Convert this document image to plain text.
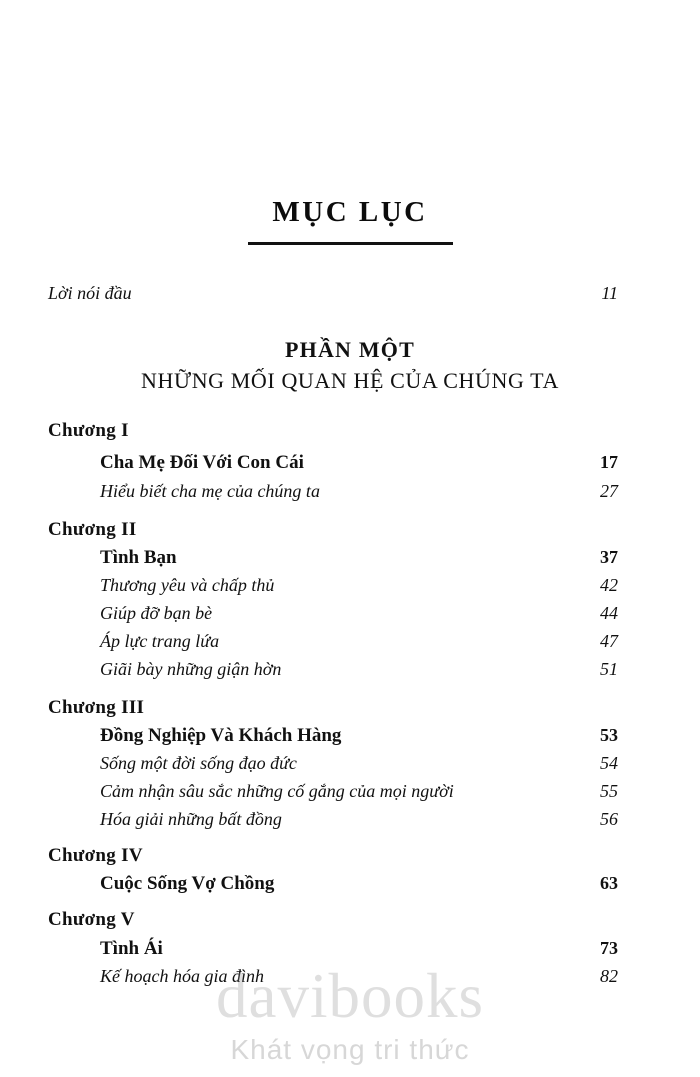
MỤC LỤC
Lời nói đầu	11
PHẦN MỘT
NHỮNG MỐI QUAN HỆ CỦA CHÚNG TA
Chương I
Cha Mẹ Đối Với Con Cái	17
Hiểu biết cha mẹ của chúng ta	27
Chương II
Tình Bạn	37
Thương yêu và chấp thủ	42
Giúp đỡ bạn bè	44
Áp lực trang lứa	47
Giãi bày những giận hờn	51
Chương III
Đồng Nghiệp Và Khách Hàng	53
Sống một đời sống đạo đức	54
Cảm nhận sâu sắc những cố gắng của mọi người	55
Hóa giải những bất đồng	56
Chương IV
Cuộc Sống Vợ Chồng	63
Chương V
Tình Ái	73
Kế hoạch hóa gia đình	82
davibooks
Khát vọng tri thức
